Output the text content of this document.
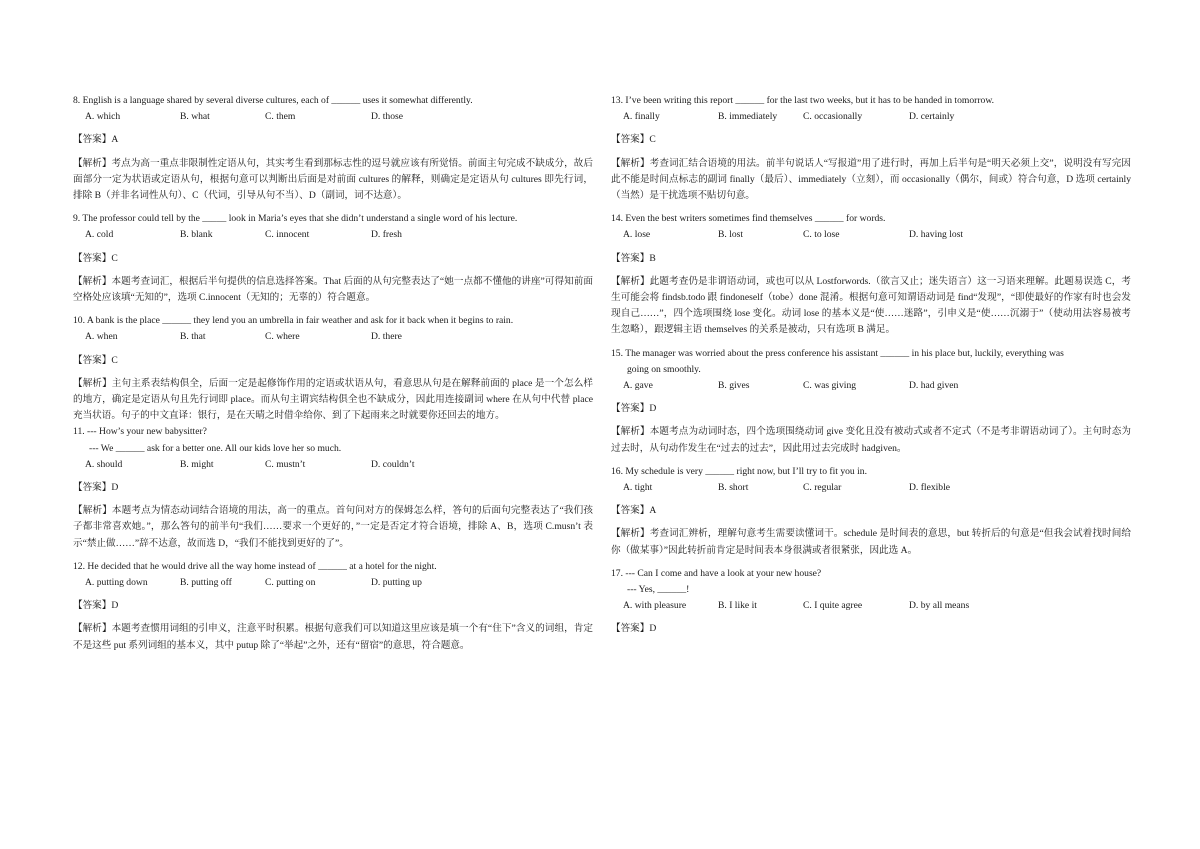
8. English is a language shared by several diverse cultures, each of ______ uses it somewhat differently.
A. which	B. what	C. them	D. those
【答案】A
【解析】考点为高一重点非限制性定语从句，其实考生看到那标志性的逗号就应该有所觉悟。前面主句完成不缺成分，故后面部分一定为状语或定语从句，根据句意可以判断出后面是对前面 cultures 的解释，则确定是定语从句 cultures 即先行词，排除 B（并非名词性从句）、C（代词，引导从句不当）、D（副词，词不达意）。
9. The professor could tell by the _____ look in Maria’s eyes that she didn’t understand a single word of his lecture.
A. cold	B. blank	C. innocent	D. fresh
【答案】C
【解析】本题考查词汇，根据后半句提供的信息选择答案。That 后面的从句完整表达了“她一点都不懂他的讲座”可得知前面空格处应该填“无知的”，选项 C.innocent（无知的；无辜的）符合题意。
10. A bank is the place ______ they lend you an umbrella in fair weather and ask for it back when it begins to rain.
A. when	B. that	C. where	D. there
【答案】C
【解析】主句主系表结构俱全，后面一定是起修饰作用的定语或状语从句，看意思从句是在解释前面的 place 是一个怎么样的地方，确定是定语从句且先行词即 place。而从句主谓宾结构俱全也不缺成分，因此用连接副词 where 在从句中代替 place 充当状语。句子的中文直译：银行，是在天晴之时借伞给你、到了下起雨来之时就要你还回去的地方。
11. --- How’s your new babysitter?
--- We ______ ask for a better one. All our kids love her so much.
A. should	B. might	C. mustn’t	D. couldn’t
【答案】D
【解析】本题考点为情态动词结合语境的用法，高一的重点。首句问对方的保姆怎么样，答句的后面句完整表达了“我们孩子都非常喜欢她。”，那么答句的前半句“我们……要求一个更好的，”一定是否定才符合语境，排除 A、B，选项 C.musn’t 表示“禁止做……”辞不达意，故而选 D，“我们不能找到更好的了”。
12. He decided that he would drive all the way home instead of ______ at a hotel for the night.
A. putting down	B. putting off	C. putting on	D. putting up
【答案】D
【解析】本题考查惯用词组的引申义，注意平时积累。根据句意我们可以知道这里应该是填一个有“住下”含义的词组，肯定不是这些 put 系列词组的基本义，其中 putup 除了“举起”之外，还有“留宿”的意思，符合题意。
13. I’ve been writing this report ______ for the last two weeks, but it has to be handed in tomorrow.
A. finally	B. immediately	C. occasionally	D. certainly
【答案】C
【解析】考查词汇结合语境的用法。前半句说话人“写报道”用了进行时，再加上后半句是“明天必须上交”，说明没有写完因此不能是时间点标志的副词 finally（最后）、immediately（立刻），而 occasionally（偶尔，间或）符合句意，D 选项 certainly（当然）是干扰选项不贴切句意。
14. Even the best writers sometimes find themselves ______ for words.
A. lose	B. lost	C. to lose	D. having lost
【答案】B
【解析】此题考查仍是非谓语动词，或也可以从 Lostforwords.（欲言又止；迷失语言）这一习语来理解。此题易误选 C，考生可能会将 findsb.todo 跟 findoneself（tobe）done 混淆。根据句意可知谓语动词是 find“发现”，“即使最好的作家有时也会发现自己……”，四个选项围绕 lose 变化。动词 lose 的基本义是“使……迷路”，引申义是“使……沉溺于”（使动用法容易被考生忽略），跟逻辑主语 themselves 的关系是被动，只有选项 B 满足。
15. The manager was worried about the press conference his assistant ______ in his place but, luckily, everything was
going on smoothly.
A. gave	B. gives	C. was giving	D. had given
【答案】D
【解析】本题考点为动词时态，四个选项围绕动词 give 变化且没有被动式或者不定式（不是考非谓语动词了）。主句时态为过去时，从句动作发生在“过去的过去”，因此用过去完成时 hadgiven。
16. My schedule is very ______ right now, but I’ll try to fit you in.
A. tight	B. short	C. regular	D. flexible
【答案】A
【解析】考查词汇辨析，理解句意考生需要读懂词干。schedule 是时间表的意思，but 转折后的句意是“但我会试着找时间给你（做某事）”因此转折前肯定是时间表本身很满或者很紧张，因此选 A。
17. --- Can I come and have a look at your new house?
--- Yes, ______!
A. with pleasure	B. I like it	C. I quite agree	D. by all means
【答案】D
